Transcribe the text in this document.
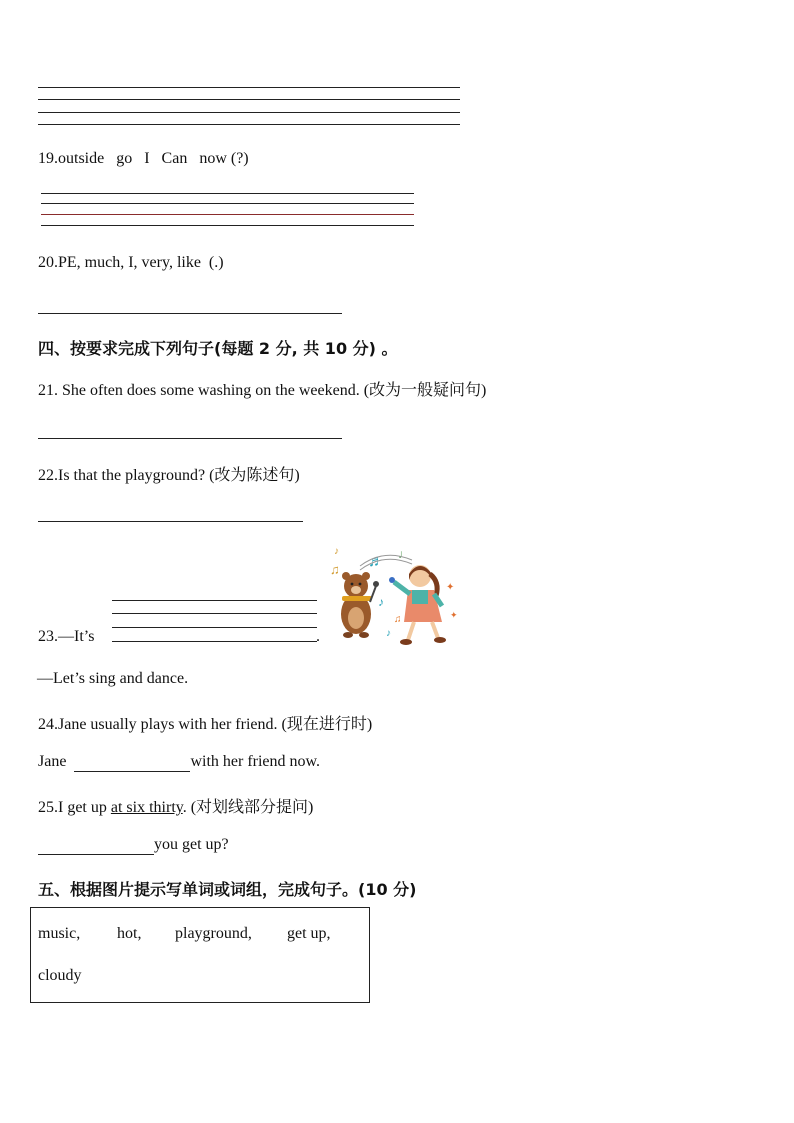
19.outside   go   I   Can   now (?)
20.PE, much, I, very, like  (.)
四、按要求完成下列句子(每题 2 分, 共 10 分) 。
21. She often does some washing on the weekend. (改为一般疑问句)
22.Is that the playground? (改为陈述句)
23.—It’s	.
♫
♪
♬ ♩
♪
♫
♪
✦
✦
—Let’s sing and dance.
24.Jane usually plays with her friend. (现在进行时)
Jane	with her friend now.
25.I get up at six thirty. (对划线部分提问)
you get up?
五、根据图片提示写单词或词组，完成句子。(10 分)
music, hot, playground, get up,
cloudy
